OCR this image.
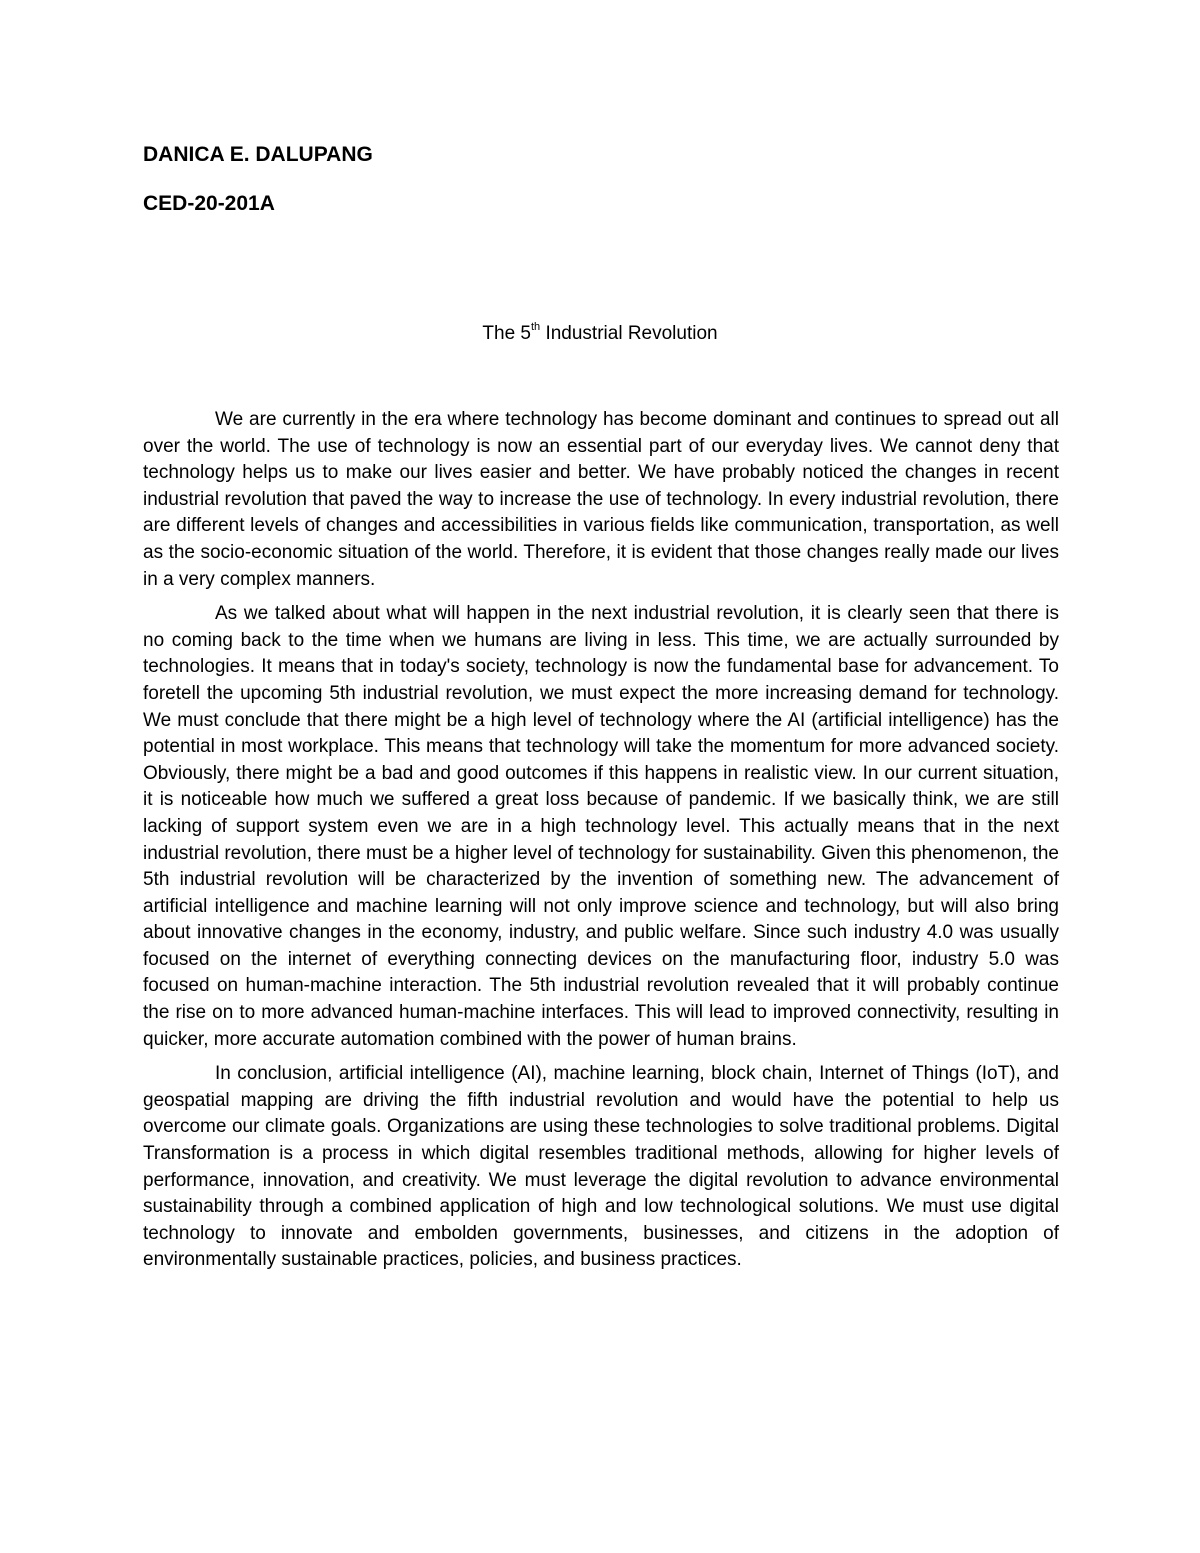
DANICA E. DALUPANG

CED-20-201A

The 5th Industrial Revolution

We are currently in the era where technology has become dominant and continues to spread out all over the world. The use of technology is now an essential part of our everyday lives. We cannot deny that technology helps us to make our lives easier and better. We have probably noticed the changes in recent industrial revolution that paved the way to increase the use of technology. In every industrial revolution, there are different levels of changes and accessibilities in various fields like communication, transportation, as well as the socio-economic situation of the world. Therefore, it is evident that those changes really made our lives in a very complex manners.

As we talked about what will happen in the next industrial revolution, it is clearly seen that there is no coming back to the time when we humans are living in less. This time, we are actually surrounded by technologies. It means that in today's society, technology is now the fundamental base for advancement. To foretell the upcoming 5th industrial revolution, we must expect the more increasing demand for technology. We must conclude that there might be a high level of technology where the AI (artificial intelligence) has the potential in most workplace. This means that technology will take the momentum for more advanced society. Obviously, there might be a bad and good outcomes if this happens in realistic view. In our current situation, it is noticeable how much we suffered a great loss because of pandemic. If we basically think, we are still lacking of support system even we are in a high technology level. This actually means that in the next industrial revolution, there must be a higher level of technology for sustainability. Given this phenomenon, the 5th industrial revolution will be characterized by the invention of something new. The advancement of artificial intelligence and machine learning will not only improve science and technology, but will also bring about innovative changes in the economy, industry, and public welfare. Since such industry 4.0 was usually focused on the internet of everything connecting devices on the manufacturing floor, industry 5.0 was focused on human-machine interaction. The 5th industrial revolution revealed that it will probably continue the rise on to more advanced human-machine interfaces. This will lead to improved connectivity, resulting in quicker, more accurate automation combined with the power of human brains.

In conclusion, artificial intelligence (AI), machine learning, block chain, Internet of Things (IoT), and geospatial mapping are driving the fifth industrial revolution and would have the potential to help us overcome our climate goals. Organizations are using these technologies to solve traditional problems. Digital Transformation is a process in which digital resembles traditional methods, allowing for higher levels of performance, innovation, and creativity. We must leverage the digital revolution to advance environmental sustainability through a combined application of high and low technological solutions. We must use digital technology to innovate and embolden governments, businesses, and citizens in the adoption of environmentally sustainable practices, policies, and business practices.
